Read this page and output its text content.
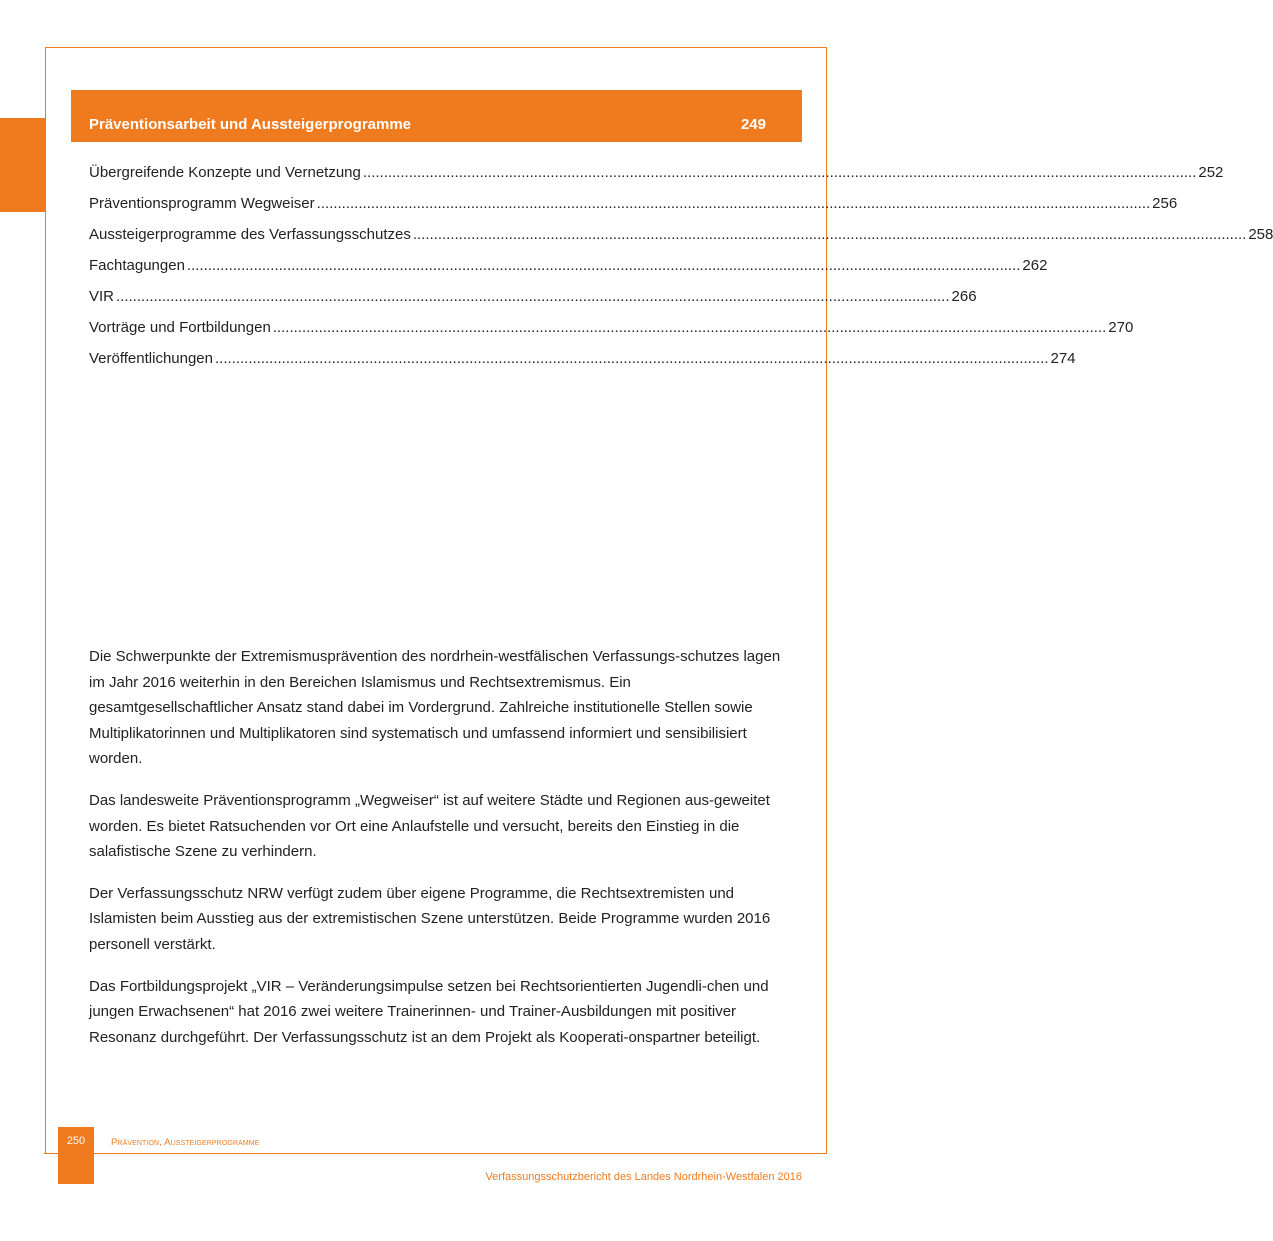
Präventionsarbeit und Aussteigerprogramme	249
Übergreifende Konzepte und Vernetzung ........................................................................................................................................................................................................ 252
Präventionsprogramm Wegweiser ........................................................................................................................................................................................................ 256
Aussteigerprogramme des Verfassungsschutzes ........................................................................................................................................................................................................ 258
Fachtagungen ........................................................................................................................................................................................................ 262
VIR ........................................................................................................................................................................................................ 266
Vorträge und Fortbildungen ........................................................................................................................................................................................................ 270
Veröffentlichungen ........................................................................................................................................................................................................ 274

Die Schwerpunkte der Extremismusprävention des nordrhein-westfälischen Verfassungs-schutzes lagen im Jahr 2016 weiterhin in den Bereichen Islamismus und Rechtsextremismus. Ein gesamtgesellschaftlicher Ansatz stand dabei im Vordergrund. Zahlreiche institutionelle Stellen sowie Multiplikatorinnen und Multiplikatoren sind systematisch und umfassend informiert und sensibilisiert worden.

Das landesweite Präventionsprogramm „Wegweiser“ ist auf weitere Städte und Regionen aus-geweitet worden. Es bietet Ratsuchenden vor Ort eine Anlaufstelle und versucht, bereits den Einstieg in die salafistische Szene zu verhindern.

Der Verfassungsschutz NRW verfügt zudem über eigene Programme, die Rechtsextremisten und Islamisten beim Ausstieg aus der extremistischen Szene unterstützen. Beide Programme wurden 2016 personell verstärkt.

Das Fortbildungsprojekt „VIR – Veränderungsimpulse setzen bei Rechtsorientierten Jugendli-chen und jungen Erwachsenen“ hat 2016 zwei weitere Trainerinnen- und Trainer-Ausbildungen mit positiver Resonanz durchgeführt. Der Verfassungsschutz ist an dem Projekt als Kooperati-onspartner beteiligt.

250	Prävention, Aussteigerprogramme
Verfassungsschutzbericht des Landes Nordrhein-Westfalen 2016
